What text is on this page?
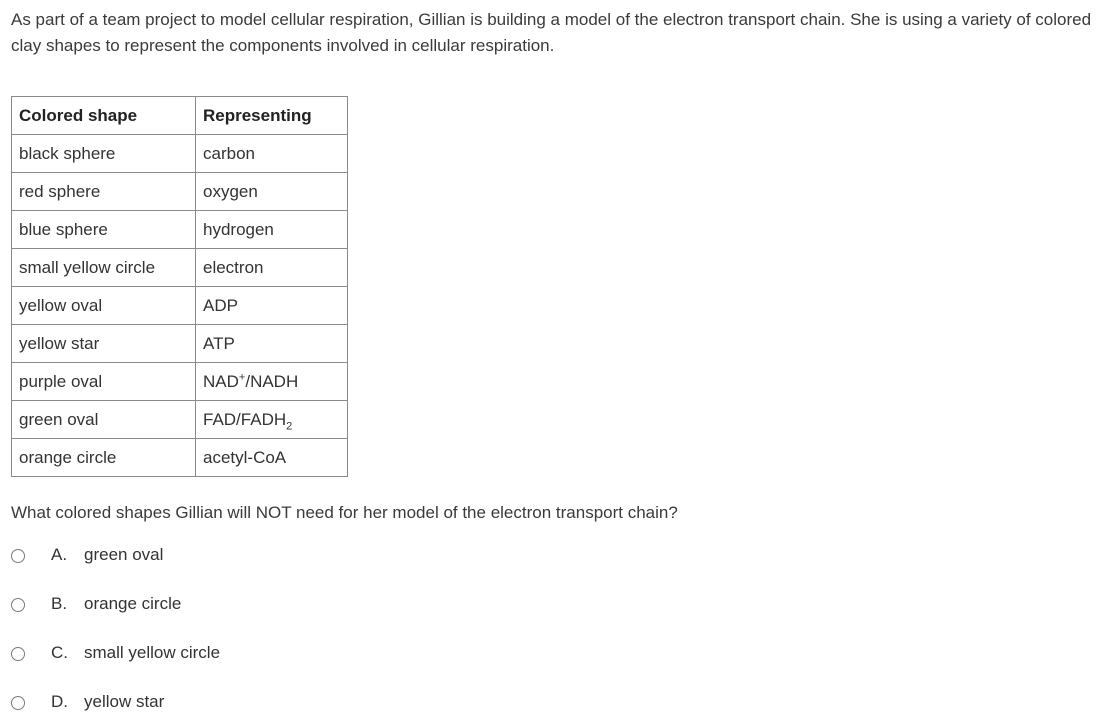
As part of a team project to model cellular respiration, Gillian is building a model of the electron transport chain. She is using a variety of colored clay shapes to represent the components involved in cellular respiration.

Colored shape	Representing
black sphere	carbon
red sphere	oxygen
blue sphere	hydrogen
small yellow circle	electron
yellow oval	ADP
yellow star	ATP
purple oval	NAD+/NADH
green oval	FAD/$FADH_2$
orange circle	acetyl-CoA

What colored shapes Gillian will NOT need for her model of the electron transport chain?

A. green oval
B. orange circle
C. small yellow circle
D. yellow star
